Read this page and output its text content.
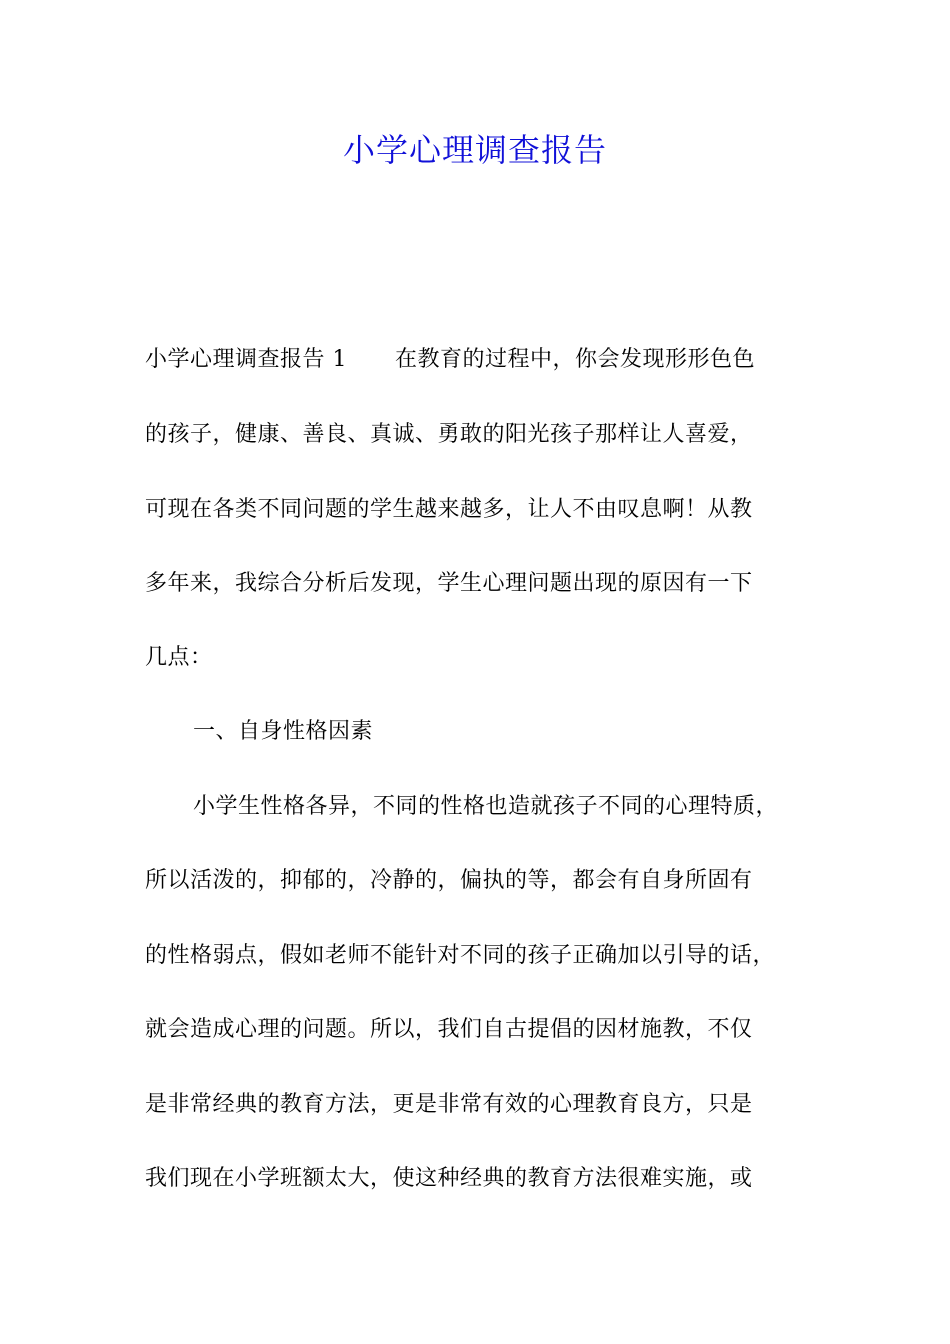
小学心理调查报告
小学心理调查报告 1 在教育的过程中，你会发现形形色色
的孩子，健康、善良、真诚、勇敢的阳光孩子那样让人喜爱，
可现在各类不同问题的学生越来越多，让人不由叹息啊！从教
多年来，我综合分析后发现，学生心理问题出现的原因有一下
几点：
一、自身性格因素
小学生性格各异，不同的性格也造就孩子不同的心理特质，
所以活泼的，抑郁的，冷静的，偏执的等，都会有自身所固有
的性格弱点，假如老师不能针对不同的孩子正确加以引导的话，
就会造成心理的问题。所以，我们自古提倡的因材施教，不仅
是非常经典的教育方法，更是非常有效的心理教育良方，只是
我们现在小学班额太大，使这种经典的教育方法很难实施，或
